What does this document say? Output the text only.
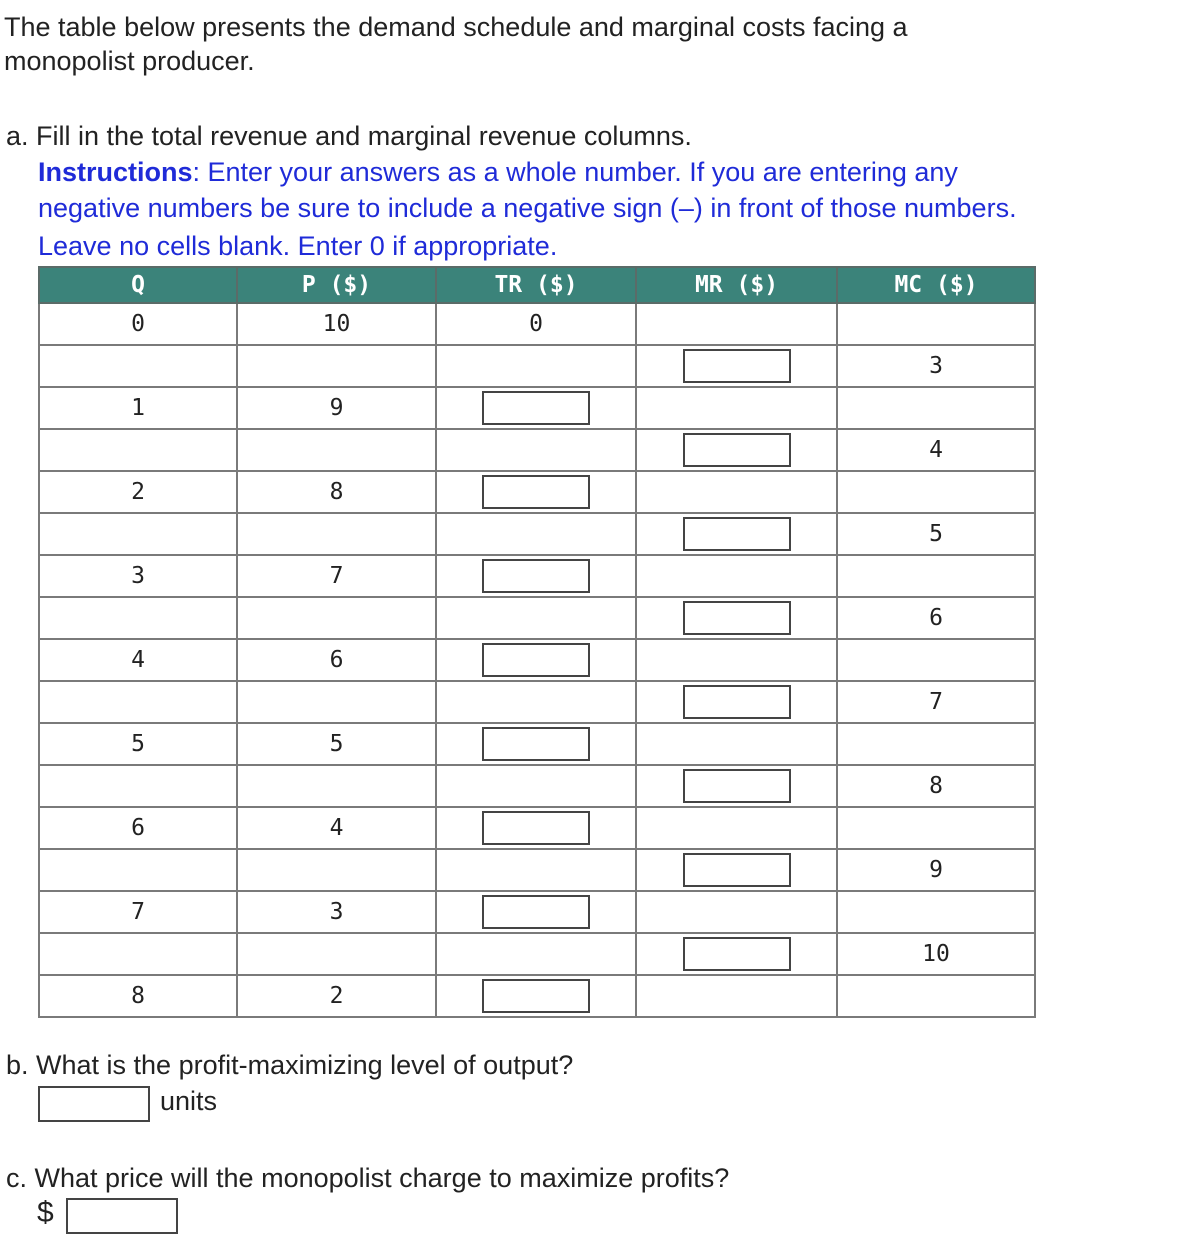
The table below presents the demand schedule and marginal costs facing a
monopolist producer.
a. Fill in the total revenue and marginal revenue columns.
Instructions: Enter your answers as a whole number. If you are entering any
negative numbers be sure to include a negative sign (–) in front of those numbers.
Leave no cells blank. Enter 0 if appropriate.
Q	P ($)	TR ($)	MR ($)	MC ($)
0	10	0		
				3
1	9			
				4
2	8			
				5
3	7			
				6
4	6			
				7
5	5			
				8
6	4			
				9
7	3			
				10
8	2			
b. What is the profit-maximizing level of output?
units
c. What price will the monopolist charge to maximize profits?
$
